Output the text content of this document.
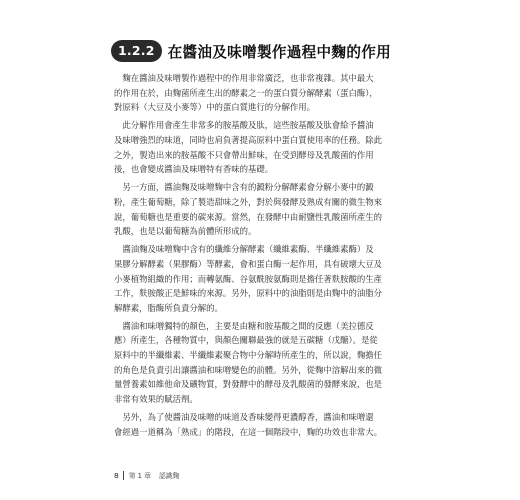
1.2.2 在醬油及味噌製作過程中麴的作用

　麴在醬油及味噌製作過程中的作用非常廣泛，也非常複雜。其中最大
的作用在於，由麴菌所產生出的酵素之一的蛋白質分解酵素（蛋白酶），
對原料（大豆及小麥等）中的蛋白質進行的分解作用。

　此分解作用會產生非常多的胺基酸及肽，這些胺基酸及肽會給予醬油
及味噌強烈的味道，同時也肩負著提高原料中蛋白質使用率的任務。除此
之外，製造出來的胺基酸不只會帶出鮮味，在受到酵母及乳酸菌的作用
後，也會變成醬油及味噌特有香味的基礎。

　另一方面，醬油麴及味噌麴中含有的澱粉分解酵素會分解小麥中的澱
粉，產生葡萄糖，除了製造甜味之外，對於與發酵及熟成有關的微生物來
說，葡萄糖也是重要的碳來源。當然，在發酵中由耐鹽性乳酸菌所產生的
乳酸，也是以葡萄糖為前體所形成的。

　醬油麴及味噌麴中含有的纖維分解酵素（纖維素酶、半纖維素酶）及
果膠分解酵素（果膠酶）等酵素，會和蛋白酶一起作用，具有破壞大豆及
小麥植物組織的作用；而轉氨酶、谷氨酰胺氨酶則是擔任著麩胺酸的生產
工作，麩胺酸正是鮮味的來源。另外，原料中的油脂則是由麴中的油脂分
解酵素，脂酶所負責分解的。

　醬油和味噌獨特的顏色，主要是由糖和胺基酸之間的反應（美拉德反
應）所產生，各種物質中，與顏色關聯最強的就是五碳糖（戊醣）。是從
原料中的半纖維素、半纖維素聚合物中分解時所產生的，所以說，麴擔任
的角色是負責引出讓醬油和味噌變色的前體。另外，從麴中溶解出來的微
量營養素如維他命及礦物質，對發酵中的酵母及乳酸菌的發酵來說，也是
非常有效果的賦活劑。

　另外，為了使醬油及味噌的味道及香味變得更濃醇香，醬油和味噌還
會經過一道稱為「熟成」的階段，在這一個階段中，麴的功效也非常大。

8 第 1 章 認識麴
